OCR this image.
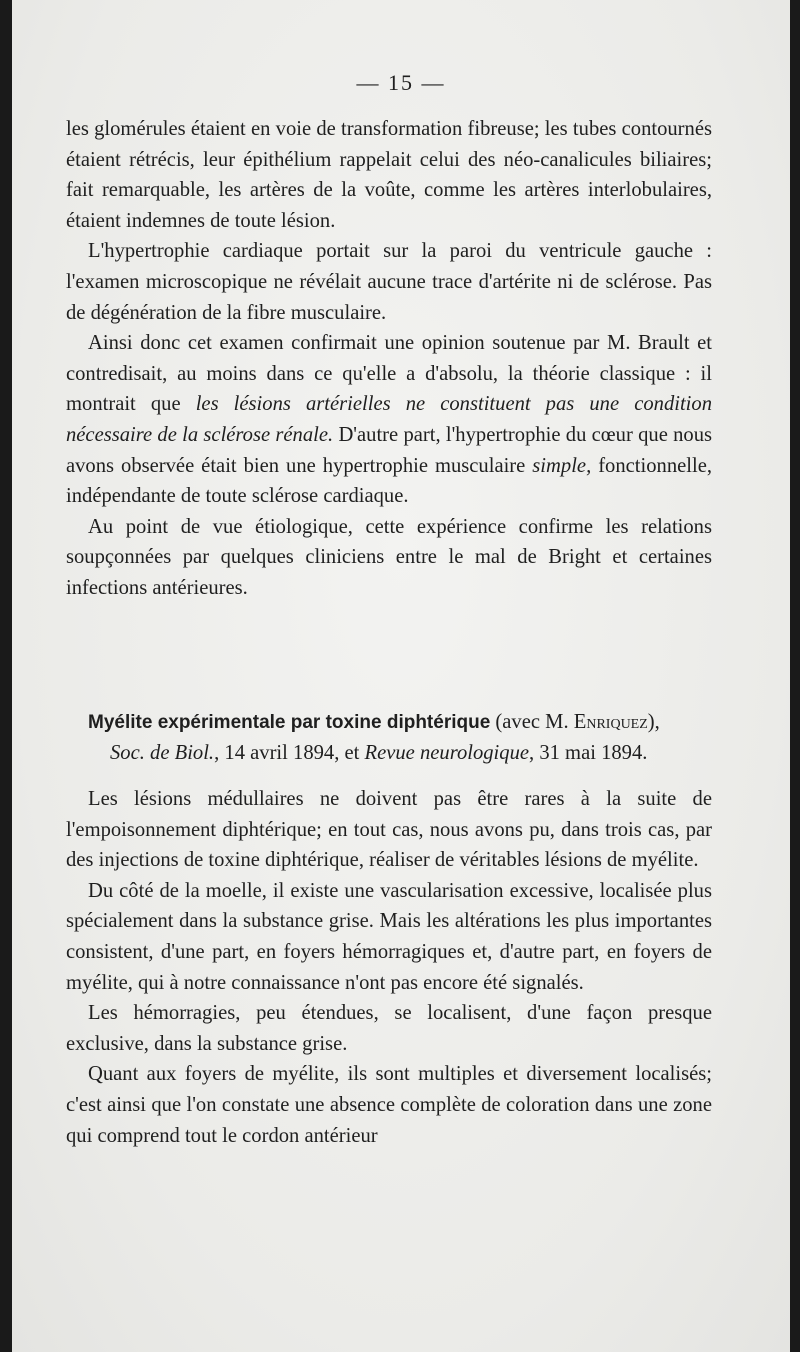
— 15 —

les glomérules étaient en voie de transformation fibreuse; les tubes contournés étaient rétrécis, leur épithélium rappelait celui des néo-canalicules biliaires; fait remarquable, les artères de la voûte, comme les artères interlobulaires, étaient indemnes de toute lésion.

L'hypertrophie cardiaque portait sur la paroi du ventricule gauche : l'examen microscopique ne révélait aucune trace d'artérite ni de sclérose. Pas de dégénération de la fibre musculaire.

Ainsi donc cet examen confirmait une opinion soutenue par M. Brault et contredisait, au moins dans ce qu'elle a d'absolu, la théorie classique : il montrait que les lésions artérielles ne constituent pas une condition nécessaire de la sclérose rénale. D'autre part, l'hypertrophie du cœur que nous avons observée était bien une hypertrophie musculaire simple, fonctionnelle, indépendante de toute sclérose cardiaque.

Au point de vue étiologique, cette expérience confirme les relations soupçonnées par quelques cliniciens entre le mal de Bright et certaines infections antérieures.

Myélite expérimentale par toxine diphtérique (avec M. Enriquez),
Soc. de Biol., 14 avril 1894, et Revue neurologique, 31 mai 1894.

Les lésions médullaires ne doivent pas être rares à la suite de l'empoisonnement diphtérique; en tout cas, nous avons pu, dans trois cas, par des injections de toxine diphtérique, réaliser de véritables lésions de myélite.

Du côté de la moelle, il existe une vascularisation excessive, localisée plus spécialement dans la substance grise. Mais les altérations les plus importantes consistent, d'une part, en foyers hémorragiques et, d'autre part, en foyers de myélite, qui à notre connaissance n'ont pas encore été signalés.

Les hémorragies, peu étendues, se localisent, d'une façon presque exclusive, dans la substance grise.

Quant aux foyers de myélite, ils sont multiples et diversement localisés; c'est ainsi que l'on constate une absence complète de coloration dans une zone qui comprend tout le cordon antérieur
